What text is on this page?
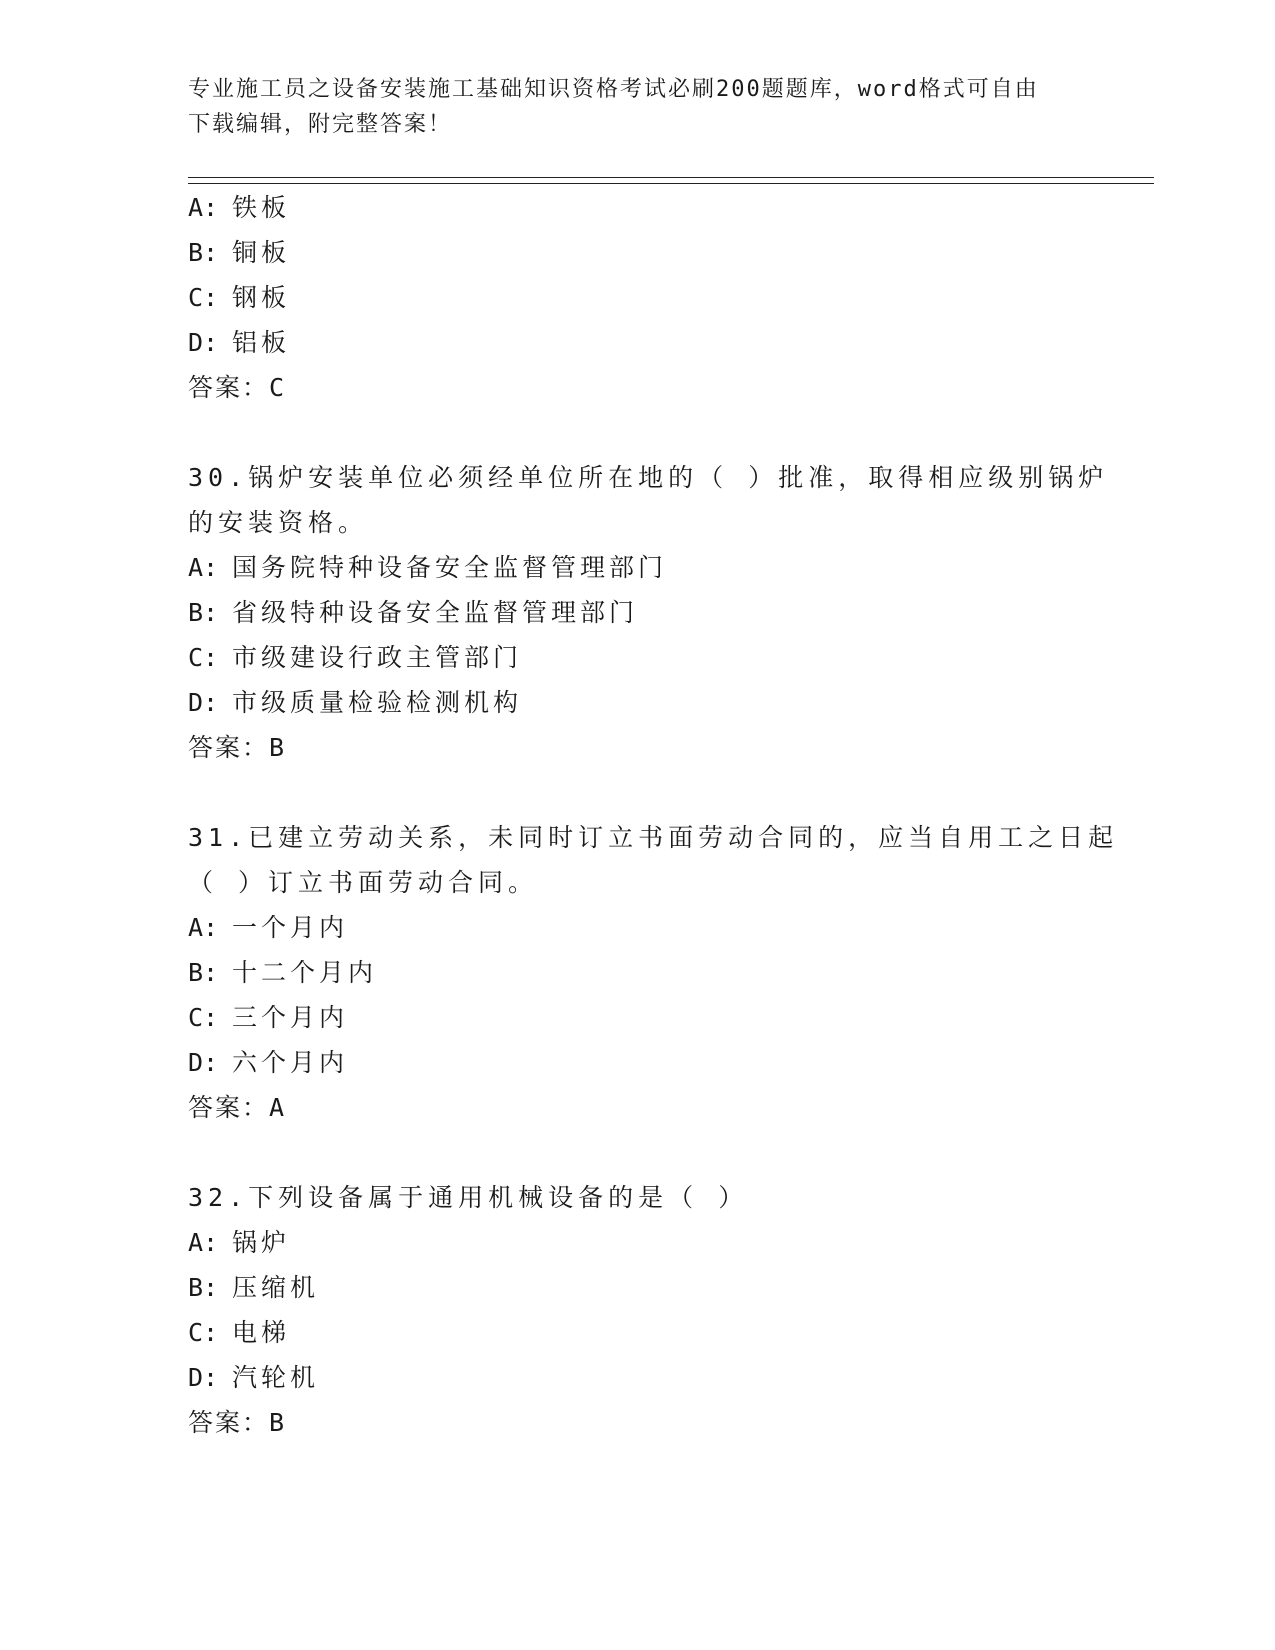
专业施工员之设备安装施工基础知识资格考试必刷200题题库，word格式可自由
下载编辑，附完整答案！
A: 铁板
B: 铜板
C: 钢板
D: 铝板
答案：C
30.锅炉安装单位必须经单位所在地的（ ）批准，取得相应级别锅炉
的安装资格。
A: 国务院特种设备安全监督管理部门
B: 省级特种设备安全监督管理部门
C: 市级建设行政主管部门
D: 市级质量检验检测机构
答案：B
31.已建立劳动关系，未同时订立书面劳动合同的，应当自用工之日起
（ ）订立书面劳动合同。
A: 一个月内
B: 十二个月内
C: 三个月内
D: 六个月内
答案：A
32.下列设备属于通用机械设备的是（ ）
A: 锅炉
B: 压缩机
C: 电梯
D: 汽轮机
答案：B
